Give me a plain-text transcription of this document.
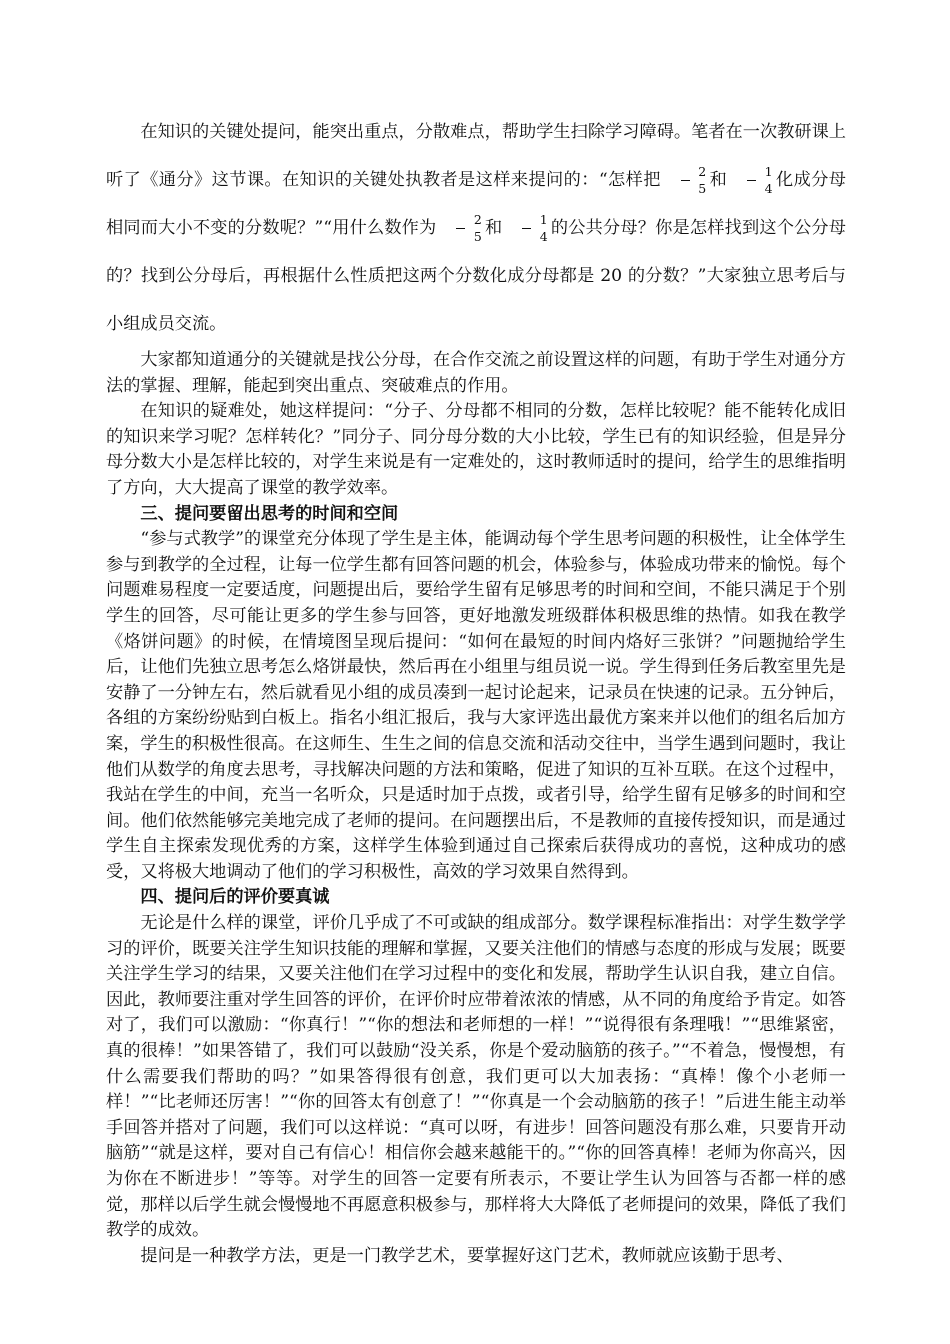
在知识的关键处提问，能突出重点，分散难点，帮助学生扫除学习障碍。笔者在一次教研课上听了《通分》这节课。在知识的关键处执教者是这样来提问的：“怎样把 $\frac{2}{5}$ 和 $\frac{1}{4}$ 化成分母相同而大小不变的分数呢？”“用什么数作为 $\frac{2}{5}$ 和 $\frac{1}{4}$ 的公共分母？你是怎样找到这个公分母的？找到公分母后，再根据什么性质把这两个分数化成分母都是 20 的分数？”大家独立思考后与小组成员交流。

大家都知道通分的关键就是找公分母，在合作交流之前设置这样的问题，有助于学生对通分方法的掌握、理解，能起到突出重点、突破难点的作用。

在知识的疑难处，她这样提问：“分子、分母都不相同的分数，怎样比较呢？能不能转化成旧的知识来学习呢？怎样转化？”同分子、同分母分数的大小比较，学生已有的知识经验，但是异分母分数大小是怎样比较的，对学生来说是有一定难处的，这时教师适时的提问，给学生的思维指明了方向，大大提高了课堂的教学效率。

三、提问要留出思考的时间和空间

“参与式教学”的课堂充分体现了学生是主体，能调动每个学生思考问题的积极性，让全体学生参与到教学的全过程，让每一位学生都有回答问题的机会，体验参与，体验成功带来的愉悦。每个问题难易程度一定要适度，问题提出后，要给学生留有足够思考的时间和空间，不能只满足于个别学生的回答，尽可能让更多的学生参与回答，更好地激发班级群体积极思维的热情。如我在教学《烙饼问题》的时候，在情境图呈现后提问：“如何在最短的时间内烙好三张饼？”问题抛给学生后，让他们先独立思考怎么烙饼最快，然后再在小组里与组员说一说。学生得到任务后教室里先是安静了一分钟左右，然后就看见小组的成员凑到一起讨论起来，记录员在快速的记录。五分钟后，各组的方案纷纷贴到白板上。指名小组汇报后，我与大家评选出最优方案来并以他们的组名后加方案，学生的积极性很高。在这师生、生生之间的信息交流和活动交往中，当学生遇到问题时，我让他们从数学的角度去思考，寻找解决问题的方法和策略，促进了知识的互补互联。在这个过程中，我站在学生的中间，充当一名听众，只是适时加于点拨，或者引导，给学生留有足够多的时间和空间。他们依然能够完美地完成了老师的提问。在问题摆出后，不是教师的直接传授知识，而是通过学生自主探索发现优秀的方案，这样学生体验到通过自己探索后获得成功的喜悦，这种成功的感受，又将极大地调动了他们的学习积极性，高效的学习效果自然得到。

四、提问后的评价要真诚

无论是什么样的课堂，评价几乎成了不可或缺的组成部分。数学课程标准指出：对学生数学学习的评价，既要关注学生知识技能的理解和掌握，又要关注他们的情感与态度的形成与发展；既要关注学生学习的结果，又要关注他们在学习过程中的变化和发展，帮助学生认识自我，建立自信。因此，教师要注重对学生回答的评价，在评价时应带着浓浓的情感，从不同的角度给予肯定。如答对了，我们可以激励：“你真行！”“你的想法和老师想的一样！”“说得很有条理哦！”“思维紧密，真的很棒！”如果答错了，我们可以鼓励“没关系，你是个爱动脑筋的孩子。”“不着急，慢慢想，有什么需要我们帮助的吗？”如果答得很有创意，我们更可以大加表扬：“真棒！像个小老师一样！”“比老师还厉害！”“你的回答太有创意了！”“你真是一个会动脑筋的孩子！”后进生能主动举手回答并搭对了问题，我们可以这样说：“真可以呀，有进步！回答问题没有那么难，只要肯开动脑筋”“就是这样，要对自己有信心！相信你会越来越能干的。”“你的回答真棒！老师为你高兴，因为你在不断进步！”等等。对学生的回答一定要有所表示，不要让学生认为回答与否都一样的感觉，那样以后学生就会慢慢地不再愿意积极参与，那样将大大降低了老师提问的效果，降低了我们教学的成效。

提问是一种教学方法，更是一门教学艺术，要掌握好这门艺术，教师就应该勤于思考、
